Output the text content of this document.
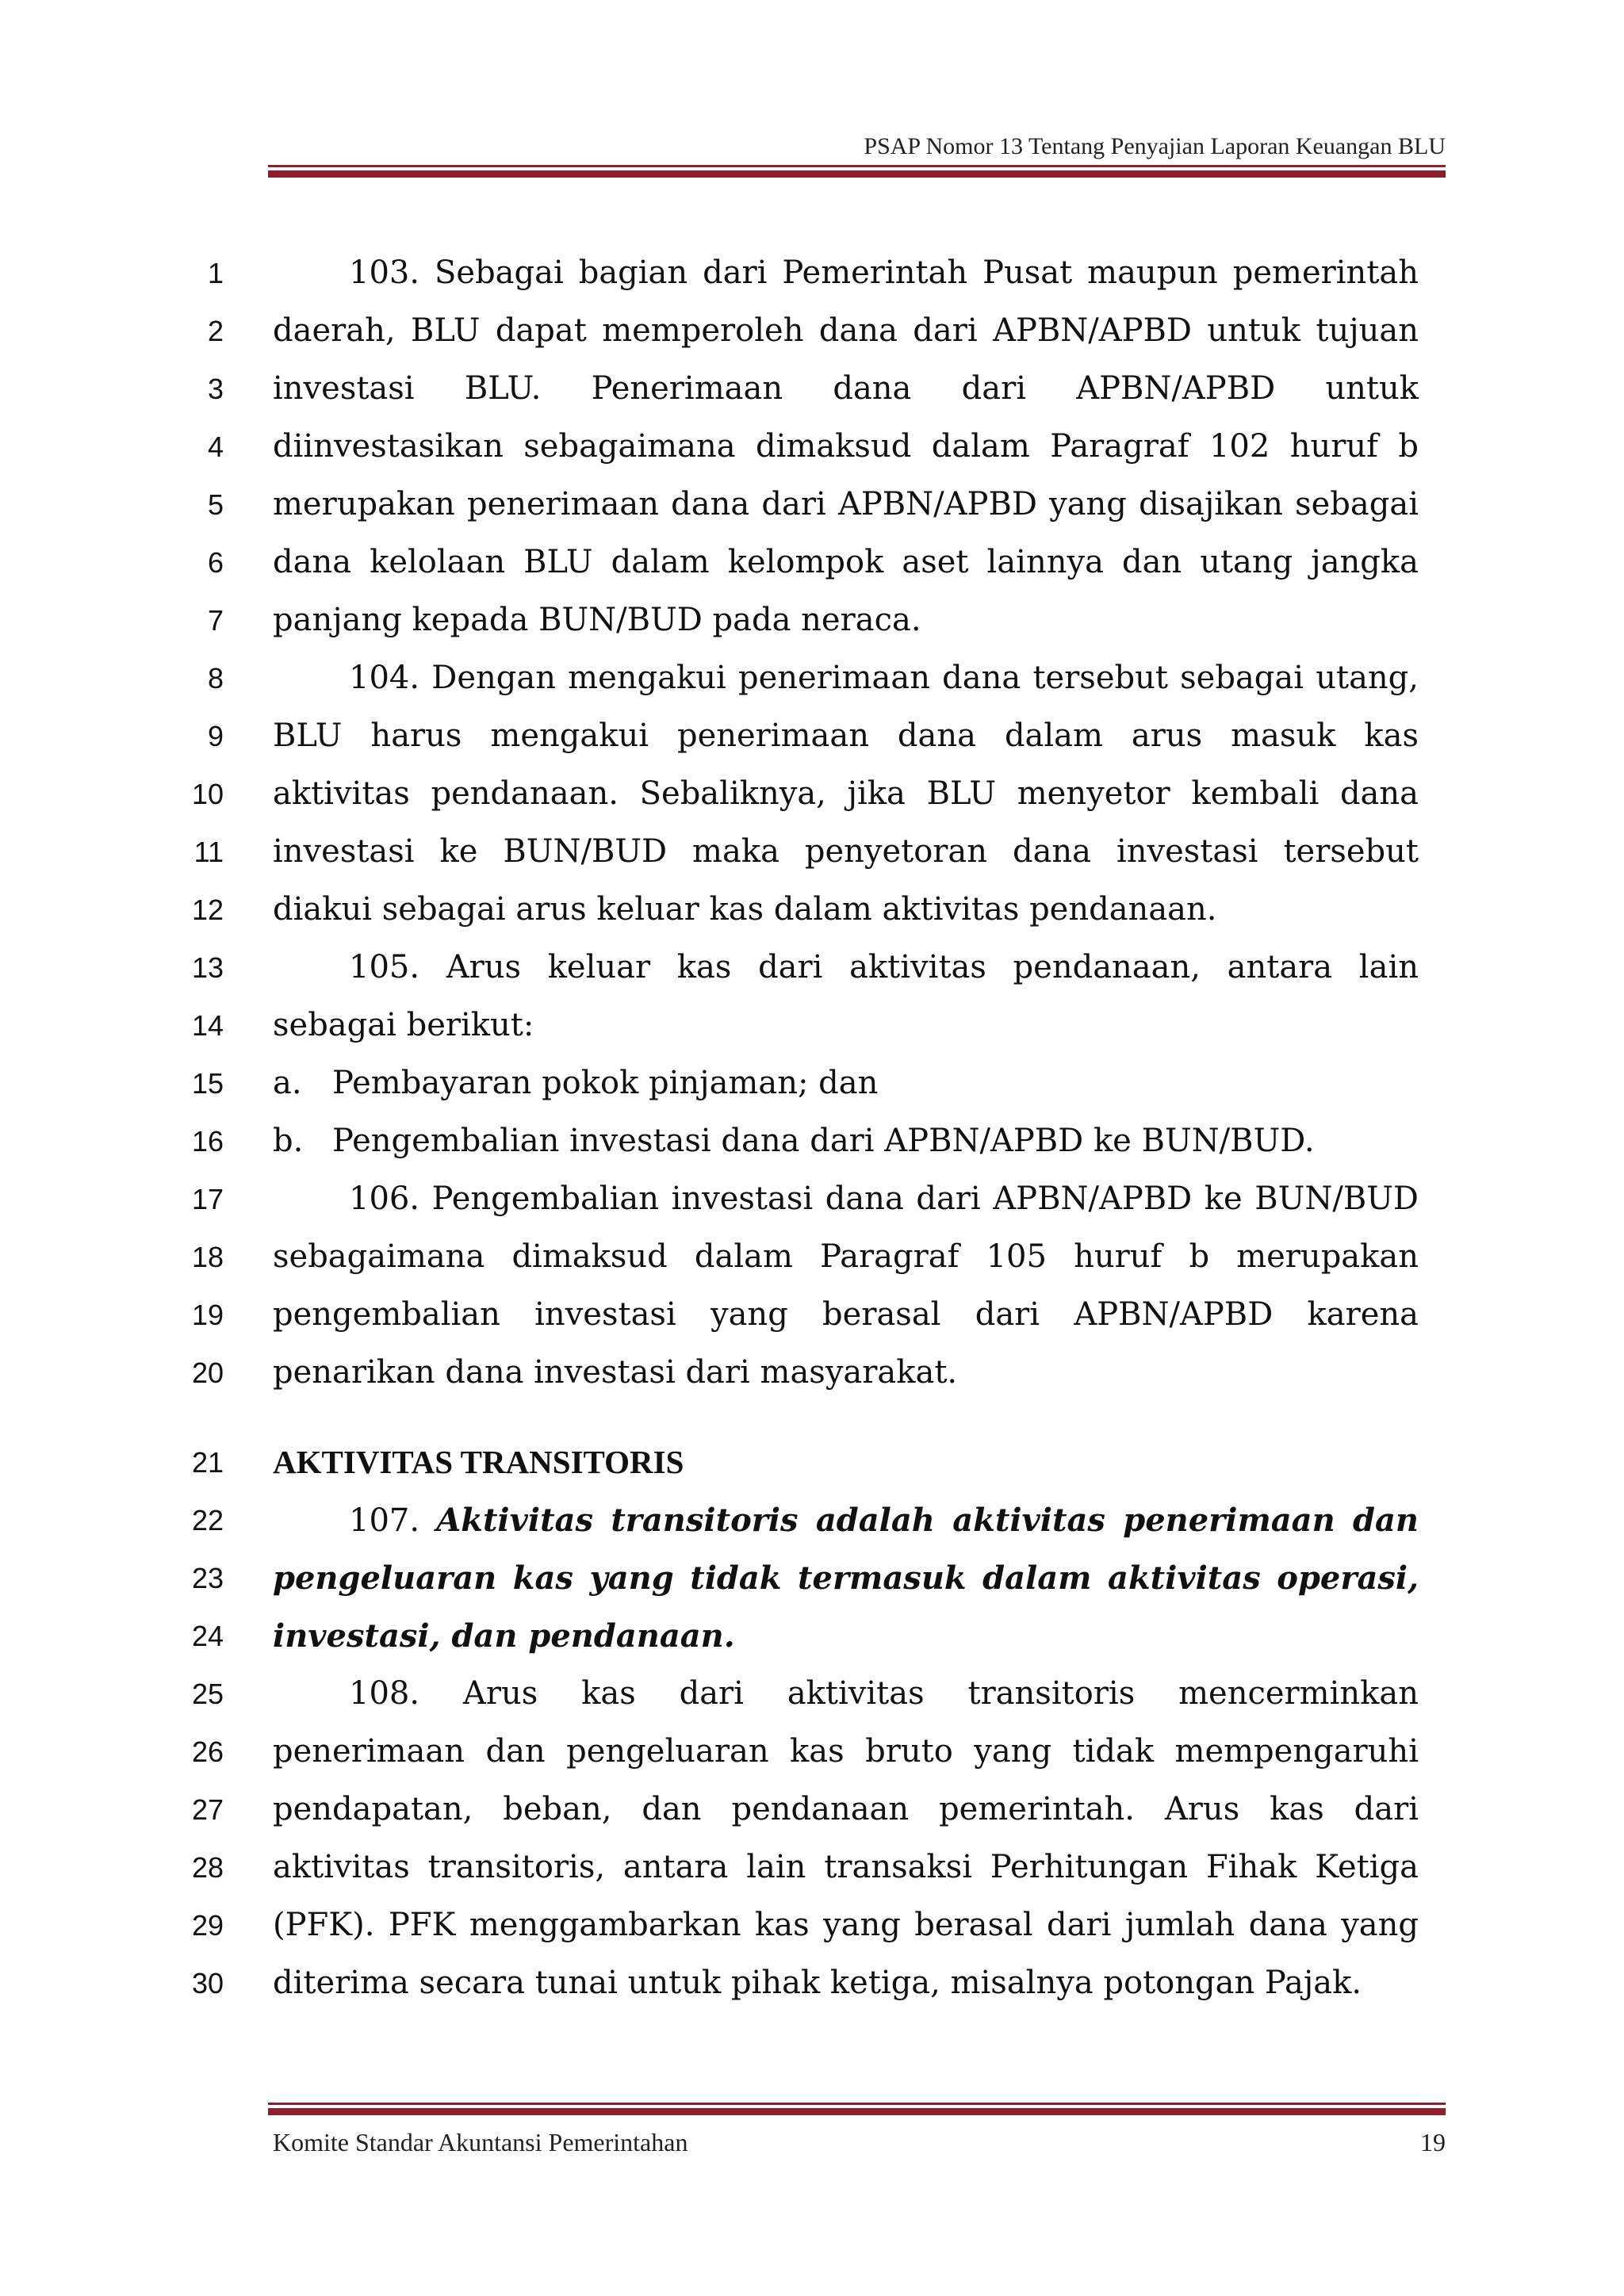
PSAP Nomor 13 Tentang Penyajian Laporan Keuangan BLU
1	103. Sebagai bagian dari Pemerintah Pusat maupun pemerintah
2 daerah, BLU dapat memperoleh dana dari APBN/APBD untuk tujuan
3 investasi BLU. Penerimaan dana dari APBN/APBD untuk
4 diinvestasikan sebagaimana dimaksud dalam Paragraf 102 huruf b
5 merupakan penerimaan dana dari APBN/APBD yang disajikan sebagai
6 dana kelolaan BLU dalam kelompok aset lainnya dan utang jangka
7 panjang kepada BUN/BUD pada neraca.
8	104. Dengan mengakui penerimaan dana tersebut sebagai utang,
9 BLU harus mengakui penerimaan dana dalam arus masuk kas
10 aktivitas pendanaan. Sebaliknya, jika BLU menyetor kembali dana
11 investasi ke BUN/BUD maka penyetoran dana investasi tersebut
12 diakui sebagai arus keluar kas dalam aktivitas pendanaan.
13	105. Arus keluar kas dari aktivitas pendanaan, antara lain
14 sebagai berikut:
15 a. Pembayaran pokok pinjaman; dan
16 b. Pengembalian investasi dana dari APBN/APBD ke BUN/BUD.
17	106. Pengembalian investasi dana dari APBN/APBD ke BUN/BUD
18 sebagaimana dimaksud dalam Paragraf 105 huruf b merupakan
19 pengembalian investasi yang berasal dari APBN/APBD karena
20 penarikan dana investasi dari masyarakat.
21 AKTIVITAS TRANSITORIS
22	107. Aktivitas transitoris adalah aktivitas penerimaan dan
23 pengeluaran kas yang tidak termasuk dalam aktivitas operasi,
24 investasi, dan pendanaan.
25	108. Arus kas dari aktivitas transitoris mencerminkan
26 penerimaan dan pengeluaran kas bruto yang tidak mempengaruhi
27 pendapatan, beban, dan pendanaan pemerintah. Arus kas dari
28 aktivitas transitoris, antara lain transaksi Perhitungan Fihak Ketiga
29 (PFK). PFK menggambarkan kas yang berasal dari jumlah dana yang
30 diterima secara tunai untuk pihak ketiga, misalnya potongan Pajak.
Komite Standar Akuntansi Pemerintahan	19
